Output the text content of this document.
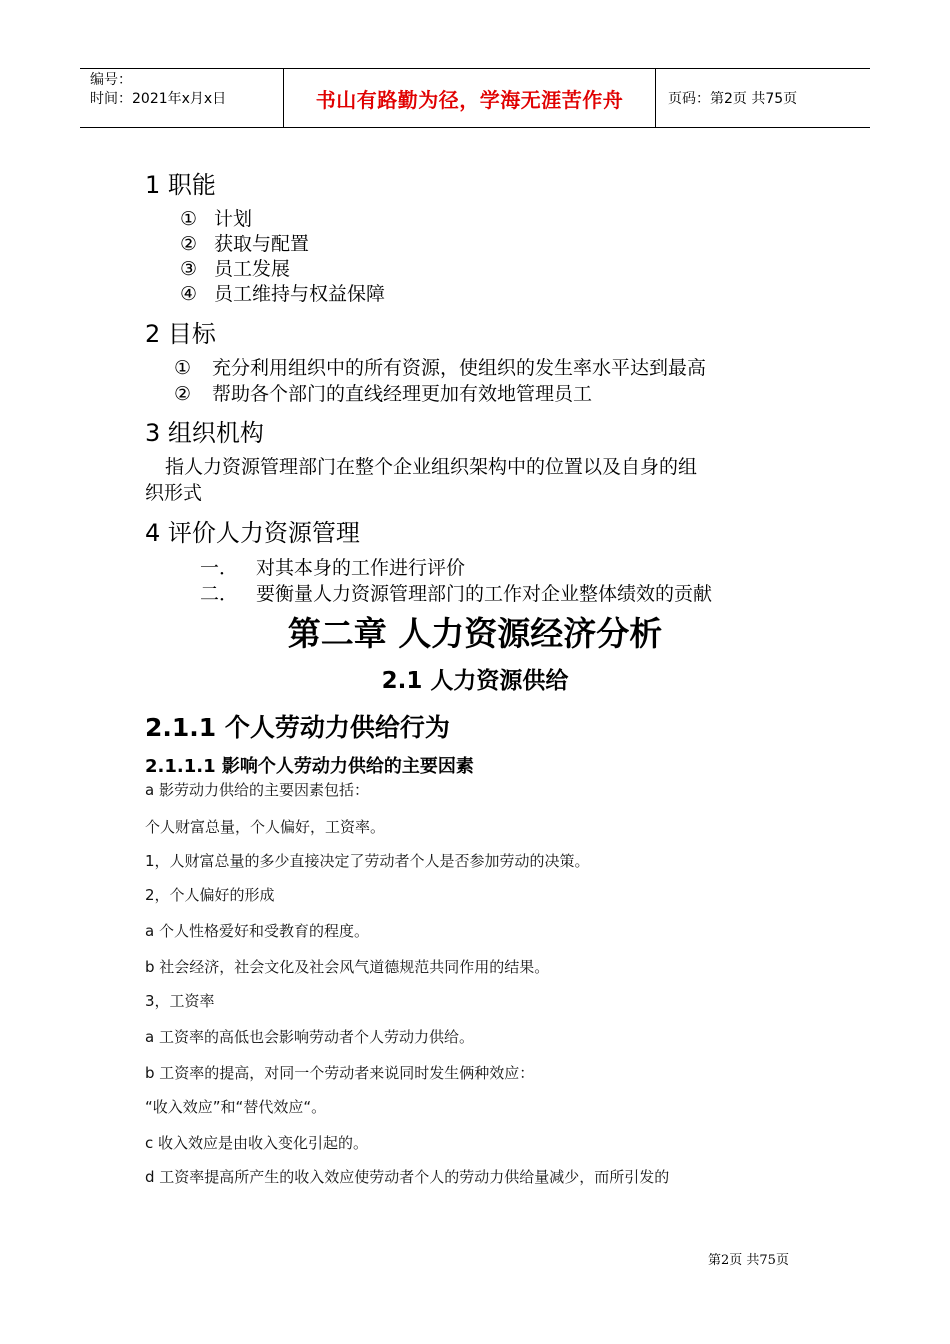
编号：
时间：2021年x月x日	书山有路勤为径，学海无涯苦作舟	页码：第2页 共75页
1 职能
① 计划
② 获取与配置
③ 员工发展
④ 员工维持与权益保障
2 目标
① 充分利用组织中的所有资源，使组织的发生率水平达到最高
② 帮助各个部门的直线经理更加有效地管理员工
3 组织机构
指人力资源管理部门在整个企业组织架构中的位置以及自身的组
织形式
4 评价人力资源管理
一． 对其本身的工作进行评价
二． 要衡量人力资源管理部门的工作对企业整体绩效的贡献
第二章 人力资源经济分析
2.1 人力资源供给
2.1.1 个人劳动力供给行为
2.1.1.1 影响个人劳动力供给的主要因素
a 影劳动力供给的主要因素包括：
个人财富总量，个人偏好，工资率。
1，人财富总量的多少直接决定了劳动者个人是否参加劳动的决策。
2，个人偏好的形成
a 个人性格爱好和受教育的程度。
b 社会经济，社会文化及社会风气道德规范共同作用的结果。
3，工资率
a 工资率的高低也会影响劳动者个人劳动力供给。
b 工资率的提高，对同一个劳动者来说同时发生俩种效应：
“收入效应”和“替代效应“。
c 收入效应是由收入变化引起的。
d 工资率提高所产生的收入效应使劳动者个人的劳动力供给量减少，而所引发的
第2页 共75页
